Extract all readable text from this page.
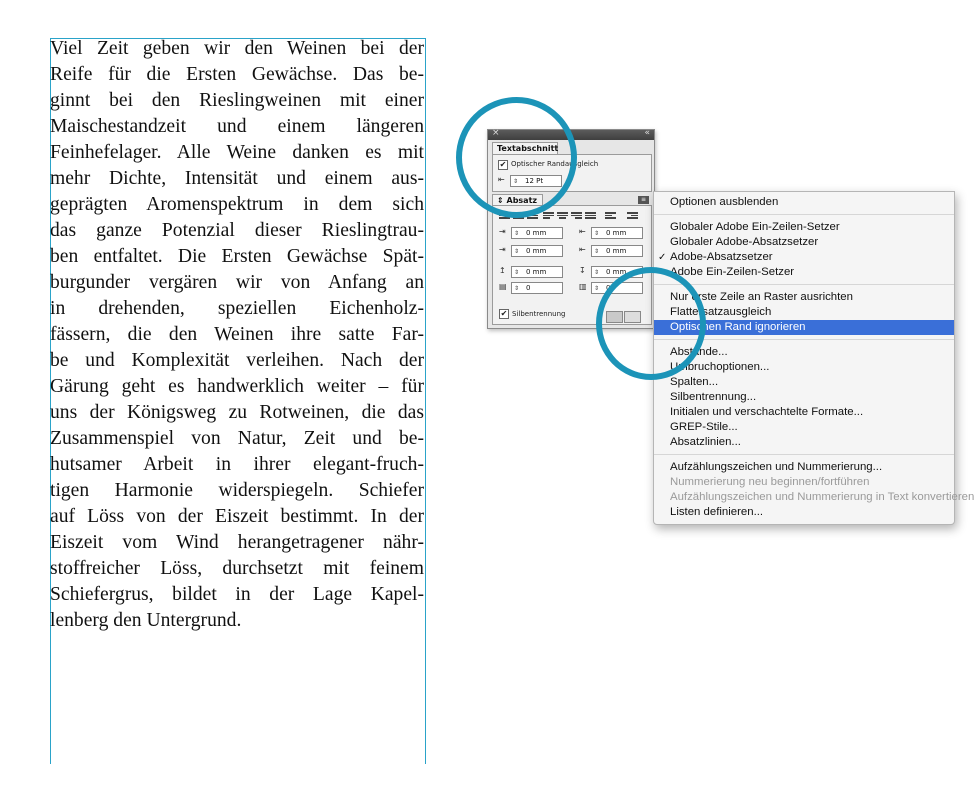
Viel Zeit geben wir den Weinen bei der
Reife für die Ersten Gewächse. Das be-
ginnt bei den Rieslingweinen mit einer
Maischestandzeit und einem längeren
Feinhefelager. Alle Weine danken es mit
mehr Dichte, Intensität und einem aus-
geprägten Aromenspektrum in dem sich
das ganze Potenzial dieser Rieslingtrau-
ben entfaltet. Die Ersten Gewächse Spät-
burgunder vergären wir von Anfang an
in drehenden, speziellen Eichenholz-
fässern, die den Weinen ihre satte Far-
be und Komplexität verleihen. Nach der
Gärung geht es handwerklich weiter – für
uns der Königsweg zu Rotweinen, die das
Zusammenspiel von Natur, Zeit und be-
hutsamer Arbeit in ihrer elegant-fruch-
tigen Harmonie widerspiegeln. Schiefer
auf Löss von der Eiszeit bestimmt. In der
Eiszeit vom Wind herangetragener nähr-
stoffreicher Löss, durchsetzt mit feinem
Schiefergrus, bildet in der Lage Kapel-
lenberg den Untergrund.
×	«
Textabschnitt
✔ Optischer Randausgleich
⇤ ⇕ 12 Pt
⇕ Absatz	≡
⇥ ⇕ 0 mm	⇤ ⇕ 0 mm
⇥ ⇕ 0 mm	⇤ ⇕ 0 mm
↥ ⇕ 0 mm	↧ ⇕ 0 mm
▤ ⇕ 0	▥ ⇕ 0
✔ Silbentrennung
Optionen ausblenden
Globaler Adobe Ein-Zeilen-Setzer
Globaler Adobe-Absatzsetzer
✓ Adobe-Absatzsetzer
Adobe Ein-Zeilen-Setzer
Nur erste Zeile an Raster ausrichten
Flattersatzausgleich
Optischen Rand ignorieren
Abstände...
Umbruchoptionen...
Spalten...
Silbentrennung...
Initialen und verschachtelte Formate...
GREP-Stile...
Absatzlinien...
Aufzählungszeichen und Nummerierung...
Nummerierung neu beginnen/fortführen
Aufzählungszeichen und Nummerierung in Text konvertieren
Listen definieren...
